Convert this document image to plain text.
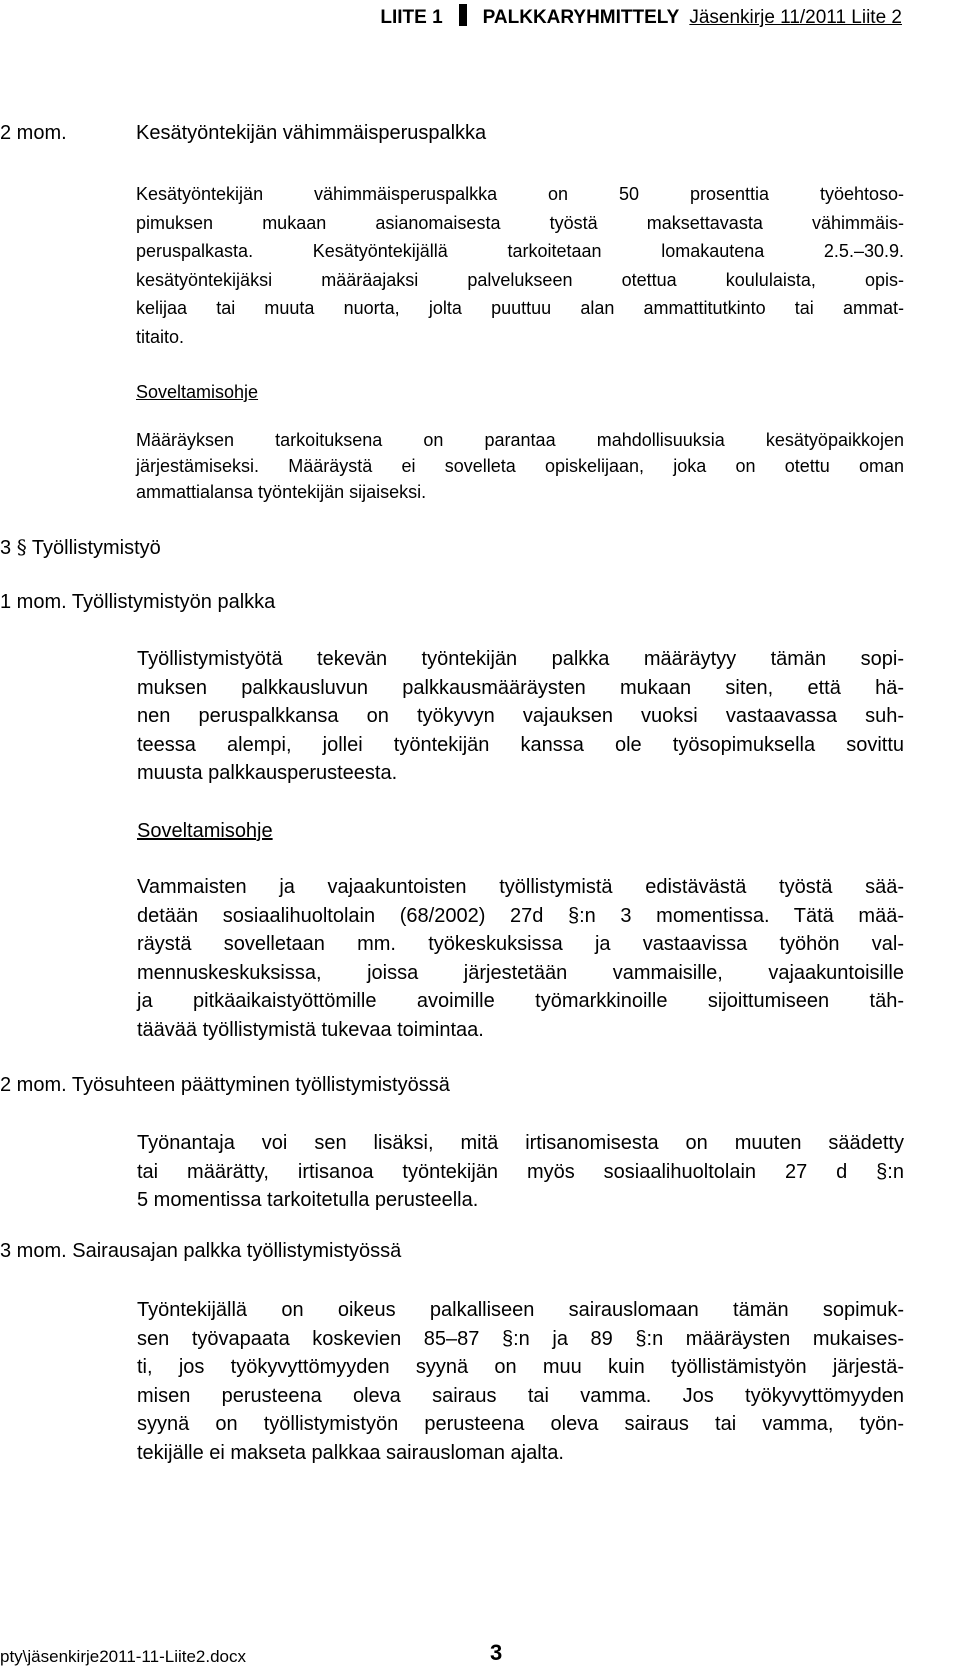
LIITE 1 PALKKARYHMITTELY Jäsenkirje 11/2011 Liite 2
2 mom.	Kesätyöntekijän vähimmäisperuspalkka
Kesätyöntekijän vähimmäisperuspalkka on 50 prosenttia työehtoso-
pimuksen mukaan asianomaisesta työstä maksettavasta vähimmäis-
peruspalkasta. Kesätyöntekijällä tarkoitetaan lomakautena 2.5.–30.9.
kesätyöntekijäksi määräajaksi palvelukseen otettua koululaista, opis-
kelijaa tai muuta nuorta, jolta puuttuu alan ammattitutkinto tai ammat-
titaito.
Soveltamisohje
Määräyksen tarkoituksena on parantaa mahdollisuuksia kesätyöpaikkojen
järjestämiseksi. Määräystä ei sovelleta opiskelijaan, joka on otettu oman
ammattialansa työntekijän sijaiseksi.
3 § Työllistymistyö
1 mom. Työllistymistyön palkka
Työllistymistyötä tekevän työntekijän palkka määräytyy tämän sopi-
muksen palkkausluvun palkkausmääräysten mukaan siten, että hä-
nen peruspalkkansa on työkyvyn vajauksen vuoksi vastaavassa suh-
teessa alempi, jollei työntekijän kanssa ole työsopimuksella sovittu
muusta palkkausperusteesta.
Soveltamisohje
Vammaisten ja vajaakuntoisten työllistymistä edistävästä työstä sää-
detään sosiaalihuoltolain (68/2002) 27d §:n 3 momentissa. Tätä mää-
räystä sovelletaan mm. työkeskuksissa ja vastaavissa työhön val-
mennuskeskuksissa, joissa järjestetään vammaisille, vajaakuntoisille
ja pitkäaikaistyöttömille avoimille työmarkkinoille sijoittumiseen täh-
täävää työllistymistä tukevaa toimintaa.
2 mom. Työsuhteen päättyminen työllistymistyössä
Työnantaja voi sen lisäksi, mitä irtisanomisesta on muuten säädetty
tai määrätty, irtisanoa työntekijän myös sosiaalihuoltolain 27 d §:n
5 momentissa tarkoitetulla perusteella.
3 mom. Sairausajan palkka työllistymistyössä
Työntekijällä on oikeus palkalliseen sairauslomaan tämän sopimuk-
sen työvapaata koskevien 85–87 §:n ja 89 §:n määräysten mukaises-
ti, jos työkyvyttömyyden syynä on muu kuin työllistämistyön järjestä-
misen perusteena oleva sairaus tai vamma. Jos työkyvyttömyyden
syynä on työllistymistyön perusteena oleva sairaus tai vamma, työn-
tekijälle ei makseta palkkaa sairausloman ajalta.
pty\jäsenkirje2011-11-Liite2.docx	3
